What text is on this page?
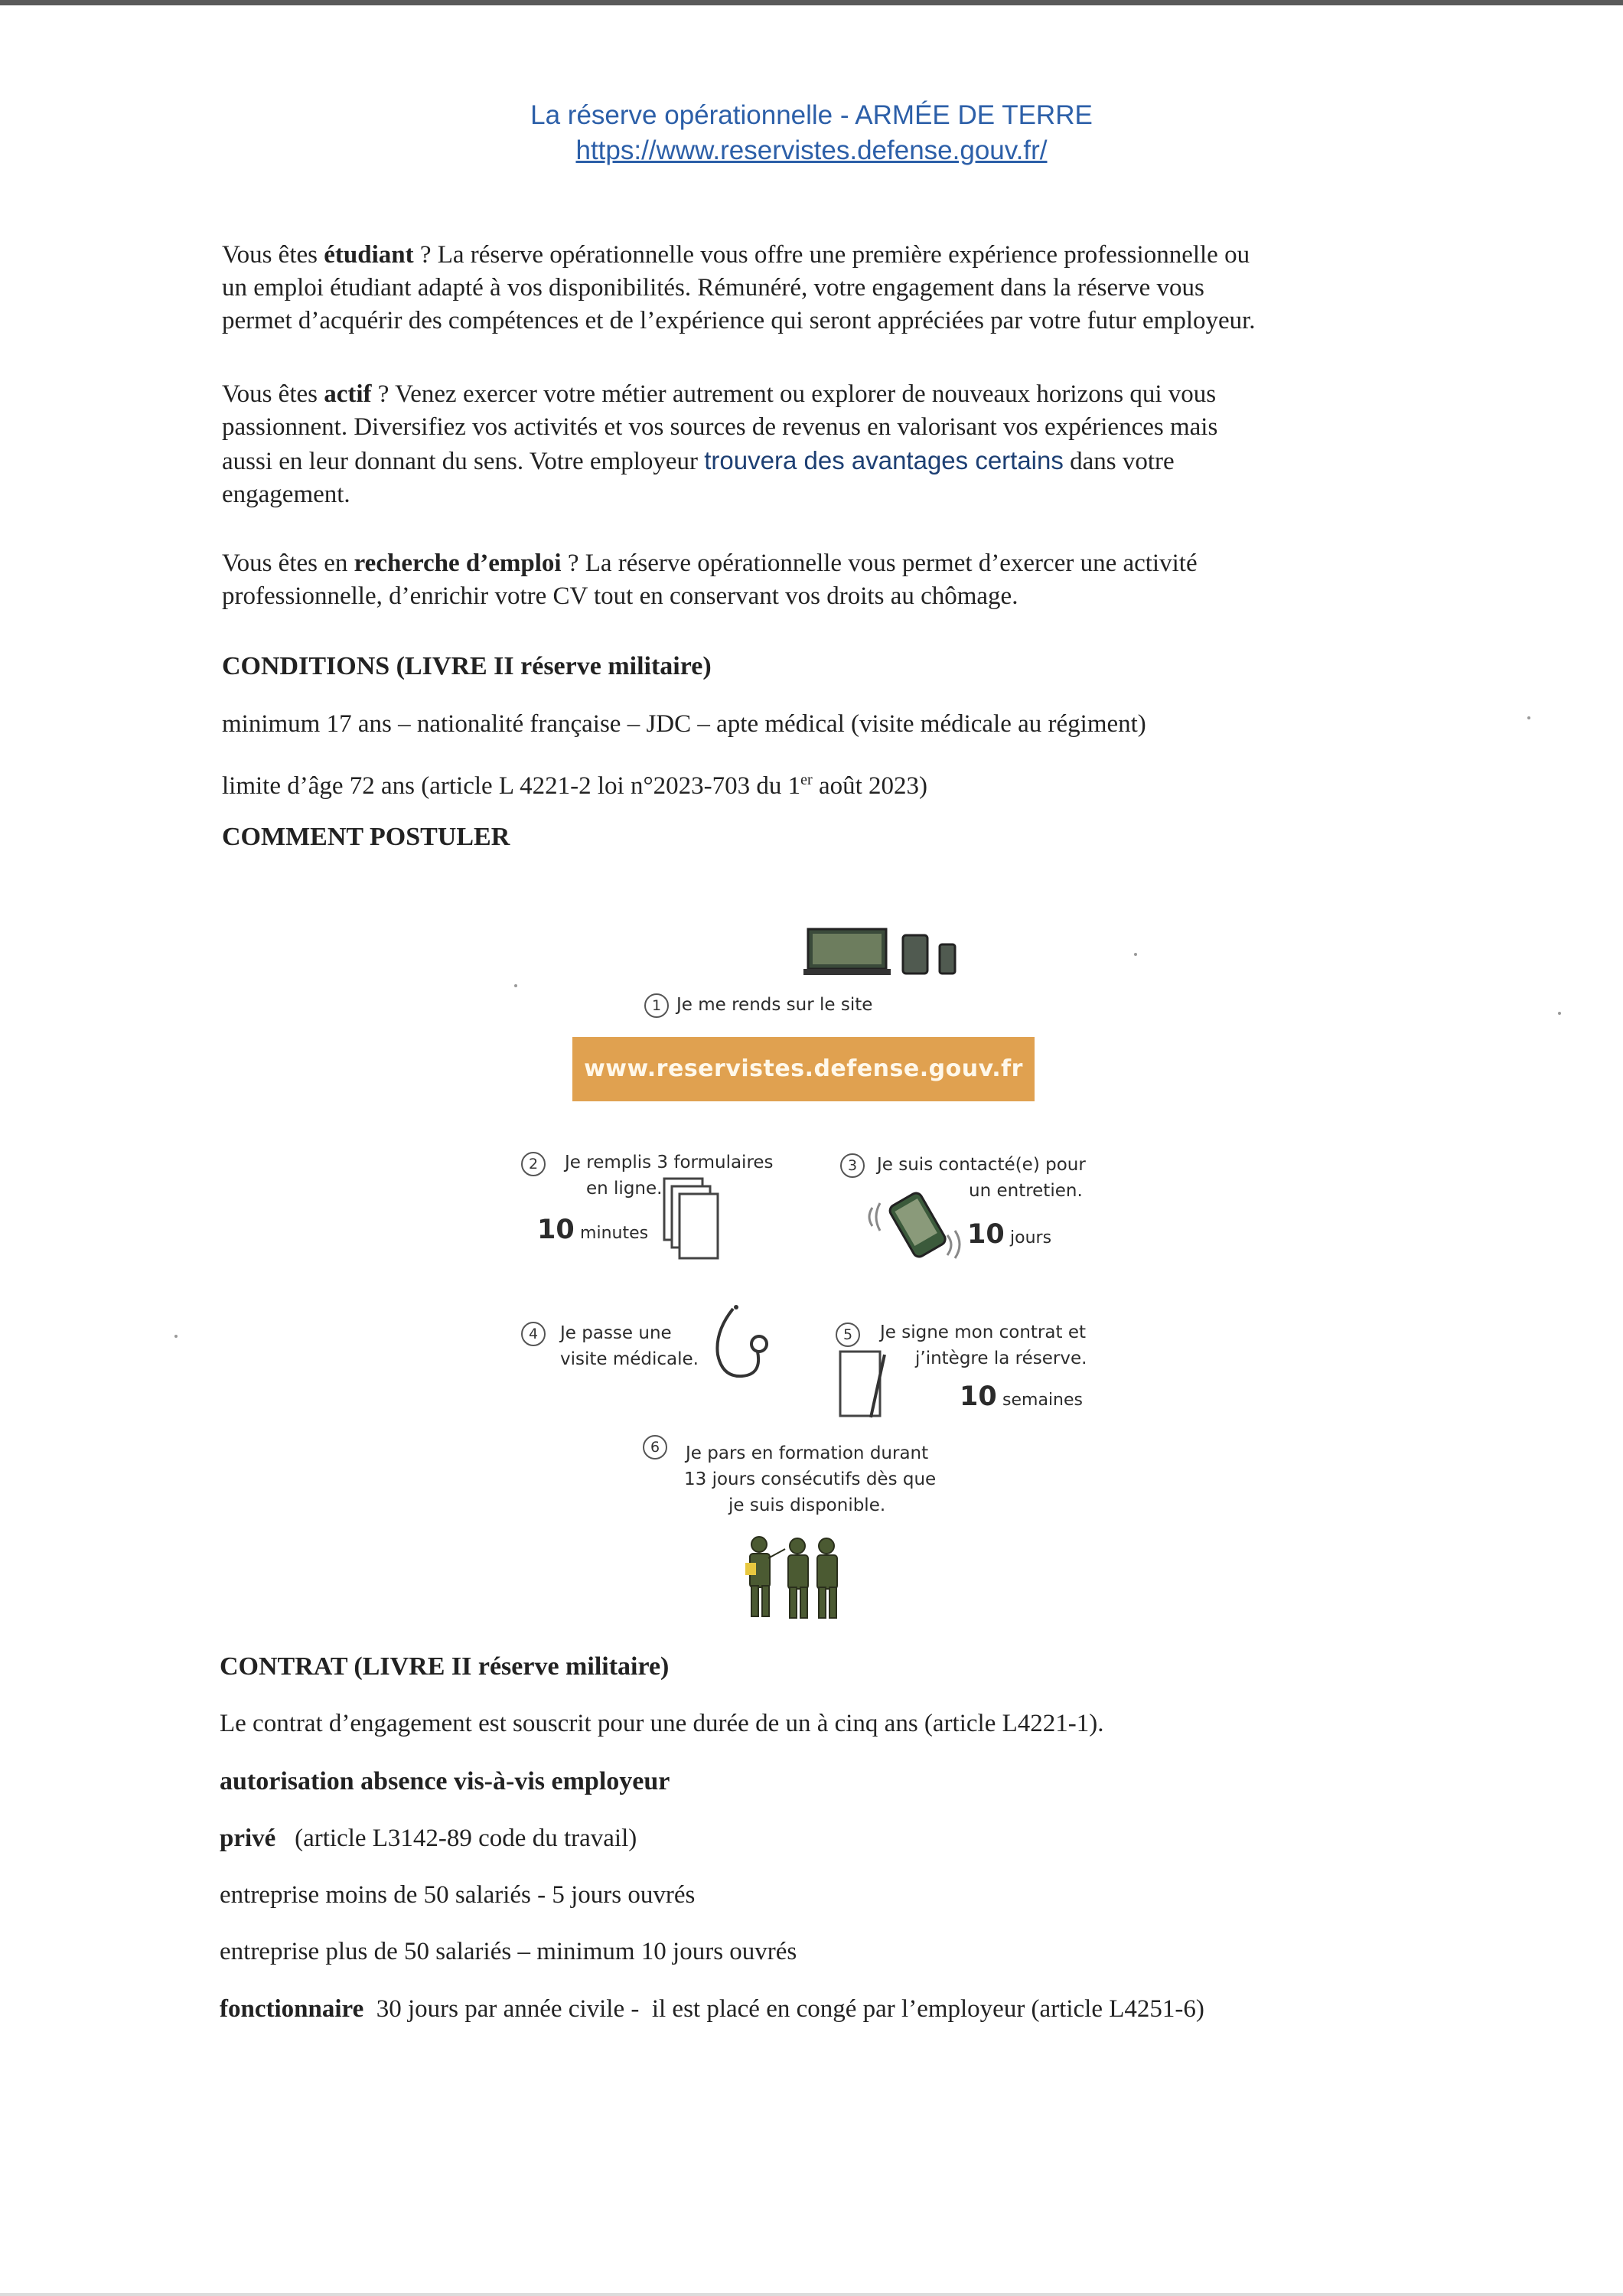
La réserve opérationnelle - ARMÉE DE TERRE
https://www.reservistes.defense.gouv.fr/
Vous êtes étudiant ? La réserve opérationnelle vous offre une première expérience professionnelle ou
un emploi étudiant adapté à vos disponibilités. Rémunéré, votre engagement dans la réserve vous
permet d’acquérir des compétences et de l’expérience qui seront appréciées par votre futur employeur.
Vous êtes actif ? Venez exercer votre métier autrement ou explorer de nouveaux horizons qui vous
passionnent. Diversifiez vos activités et vos sources de revenus en valorisant vos expériences mais
aussi en leur donnant du sens. Votre employeur trouvera des avantages certains dans votre
engagement.
Vous êtes en recherche d’emploi ? La réserve opérationnelle vous permet d’exercer une activité
professionnelle, d’enrichir votre CV tout en conservant vos droits au chômage.
CONDITIONS (LIVRE II réserve militaire)
minimum 17 ans – nationalité française – JDC – apte médical (visite médicale au régiment)
limite d’âge 72 ans (article L 4221-2 loi n°2023-703 du 1er août 2023)
COMMENT POSTULER
1 Je me rends sur le site
www.reservistes.defense.gouv.fr
2	Je remplis 3 formulaires
en ligne.
10 minutes
3	Je suis contacté(e) pour
un entretien.
10 jours
4	Je passe une
visite médicale.
5	Je signe mon contrat et
j’intègre la réserve.
10 semaines
6	Je pars en formation durant
13 jours consécutifs dès que
je suis disponible.
CONTRAT (LIVRE II réserve militaire)
Le contrat d’engagement est souscrit pour une durée de un à cinq ans (article L4221-1).
autorisation absence vis-à-vis employeur
privé   (article L3142-89 code du travail)
entreprise moins de 50 salariés - 5 jours ouvrés
entreprise plus de 50 salariés – minimum 10 jours ouvrés
fonctionnaire  30 jours par année civile -  il est placé en congé par l’employeur (article L4251-6)
